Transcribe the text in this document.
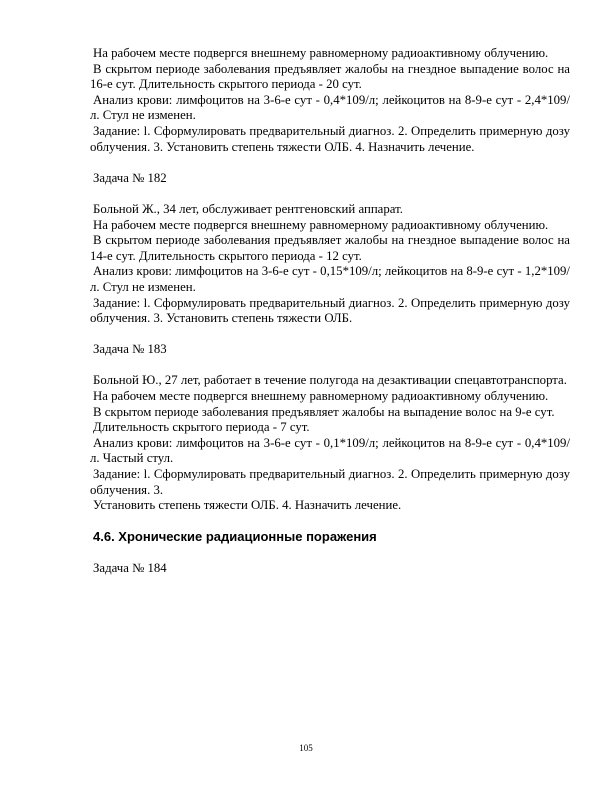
На рабочем месте подвергся внешнему равномерному радиоактивному облучению.

В скрытом периоде заболевания предъявляет жалобы на гнездное выпадение волос на 16-е сут. Длительность скрытого периода - 20 сут.

Анализ крови: лимфоцитов на 3-6-е сут - 0,4*109/л; лейкоцитов на 8-9-е сут - 2,4*109/л. Стул не изменен.

Задание: l. Сформулировать предварительный диагноз. 2. Определить примерную дозу облучения. 3. Установить степень тяжести ОЛБ. 4. Назначить лечение.

Задача № 182

Больной Ж., 34 лет, обслуживает рентгеновский аппарат.

На рабочем месте подвергся внешнему равномерному радиоактивному облучению.

В скрытом периоде заболевания предъявляет жалобы на гнездное выпадение волос на 14-е сут. Длительность скрытого периода - 12 сут.

Анализ крови: лимфоцитов на 3-6-е сут - 0,15*109/л; лейкоцитов на 8-9-е сут - 1,2*109/л. Стул не изменен.

Задание: l. Сформулировать предварительный диагноз. 2. Определить примерную дозу облучения. 3. Установить степень тяжести ОЛБ.

Задача № 183

Больной Ю., 27 лет, работает в течение полугода на дезактивации спецавтотранспорта.

На рабочем месте подвергся внешнему равномерному радиоактивному облучению.

В скрытом периоде заболевания предъявляет жалобы на выпадение волос на 9-е сут.

Длительность скрытого периода - 7 сут.

Анализ крови: лимфоцитов на 3-6-е сут - 0,1*109/л; лейкоцитов на 8-9-е сут - 0,4*109/л. Частый стул.

Задание: l. Сформулировать предварительный диагноз. 2. Определить примерную дозу облучения. 3.

Установить степень тяжести ОЛБ. 4. Назначить лечение.

4.6. Хронические радиационные поражения

Задача № 184

105
